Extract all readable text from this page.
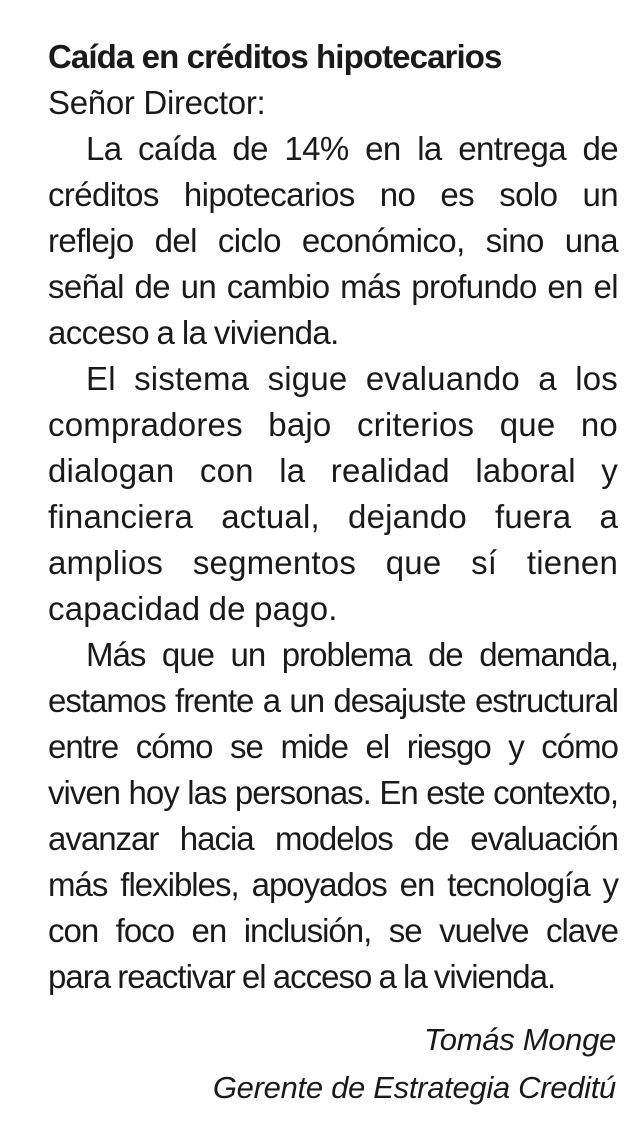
Caída en créditos hipotecarios

Señor Director:

La caída de 14% en la entrega de créditos hipotecarios no es solo un reflejo del ciclo económico, sino una señal de un cambio más profundo en el acceso a la vivienda.

El sistema sigue evaluando a los compradores bajo criterios que no dialogan con la realidad laboral y financiera actual, dejando fuera a amplios segmentos que sí tienen capacidad de pago.

Más que un problema de demanda, estamos frente a un desajuste estructural entre cómo se mide el riesgo y cómo viven hoy las personas. En este contexto, avanzar hacia modelos de evaluación más flexibles, apoyados en tecnología y con foco en inclusión, se vuelve clave para reactivar el acceso a la vivienda.

Tomás Monge
Gerente de Estrategia Creditú
